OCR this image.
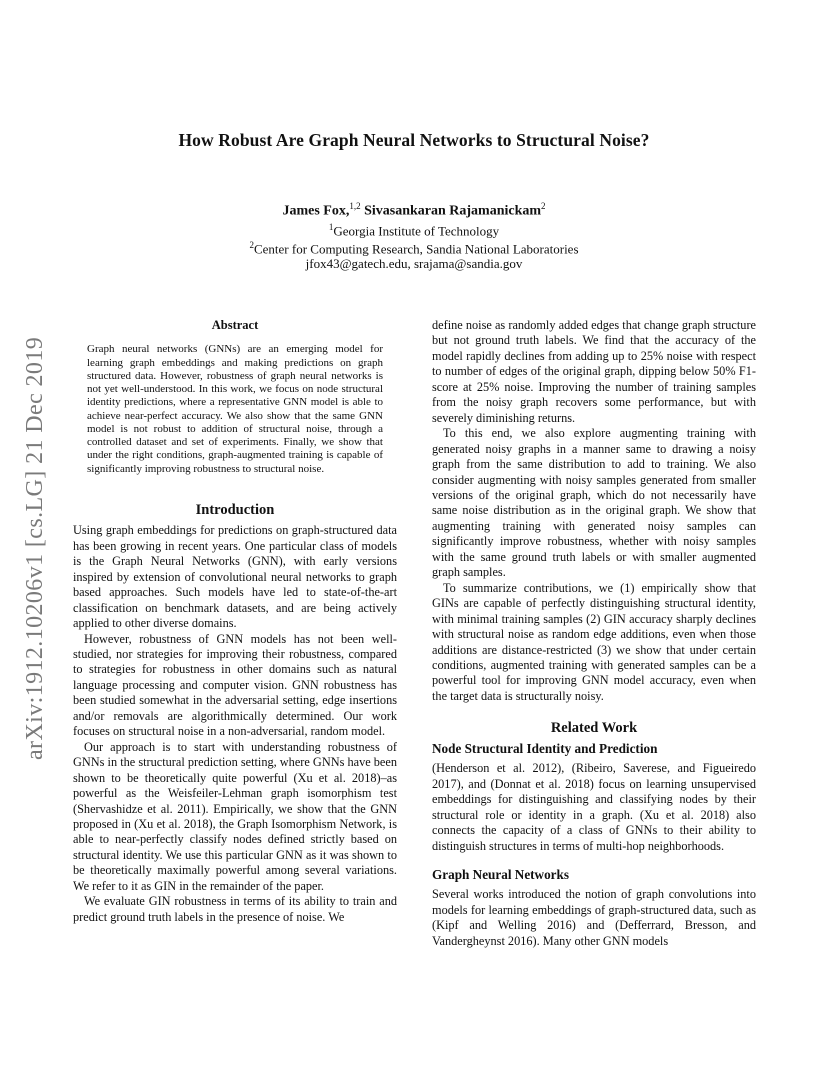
How Robust Are Graph Neural Networks to Structural Noise?
James Fox,$^{1,2}$ Sivasankaran Rajamanickam$^2$
$^1$Georgia Institute of Technology
$^2$Center for Computing Research, Sandia National Laboratories
jfox43@gatech.edu, srajama@sandia.gov
arXiv:1912.10206v1 [cs.LG] 21 Dec 2019
Abstract
Graph neural networks (GNNs) are an emerging model for learning graph embeddings and making predictions on graph structured data. However, robustness of graph neural networks is not yet well-understood. In this work, we focus on node structural identity predictions, where a representative GNN model is able to achieve near-perfect accuracy. We also show that the same GNN model is not robust to addition of structural noise, through a controlled dataset and set of experiments. Finally, we show that under the right conditions, graph-augmented training is capable of significantly improving robustness to structural noise.
Introduction

Using graph embeddings for predictions on graph-structured data has been growing in recent years. One particular class of models is the Graph Neural Networks (GNN), with early versions inspired by extension of convolutional neural networks to graph based approaches. Such models have led to state-of-the-art classification on benchmark datasets, and are being actively applied to other diverse domains.

However, robustness of GNN models has not been well-studied, nor strategies for improving their robustness, compared to strategies for robustness in other domains such as natural language processing and computer vision. GNN robustness has been studied somewhat in the adversarial setting, edge insertions and/or removals are algorithmically determined. Our work focuses on structural noise in a non-adversarial, random model.

Our approach is to start with understanding robustness of GNNs in the structural prediction setting, where GNNs have been shown to be theoretically quite powerful (Xu et al. 2018)–as powerful as the Weisfeiler-Lehman graph isomorphism test (Shervashidze et al. 2011). Empirically, we show that the GNN proposed in (Xu et al. 2018), the Graph Isomorphism Network, is able to near-perfectly classify nodes defined strictly based on structural identity. We use this particular GNN as it was shown to be theoretically maximally powerful among several variations. We refer to it as GIN in the remainder of the paper.

We evaluate GIN robustness in terms of its ability to train and predict ground truth labels in the presence of noise. We

define noise as randomly added edges that change graph structure but not ground truth labels. We find that the accuracy of the model rapidly declines from adding up to 25% noise with respect to number of edges of the original graph, dipping below 50% F1-score at 25% noise. Improving the number of training samples from the noisy graph recovers some performance, but with severely diminishing returns.

To this end, we also explore augmenting training with generated noisy graphs in a manner same to drawing a noisy graph from the same distribution to add to training. We also consider augmenting with noisy samples generated from smaller versions of the original graph, which do not necessarily have same noise distribution as in the original graph. We show that augmenting training with generated noisy samples can significantly improve robustness, whether with noisy samples with the same ground truth labels or with smaller augmented graph samples.

To summarize contributions, we (1) empirically show that GINs are capable of perfectly distinguishing structural identity, with minimal training samples (2) GIN accuracy sharply declines with structural noise as random edge additions, even when those additions are distance-restricted (3) we show that under certain conditions, augmented training with generated samples can be a powerful tool for improving GNN model accuracy, even when the target data is structurally noisy.

Related Work
Node Structural Identity and Prediction

(Henderson et al. 2012), (Ribeiro, Saverese, and Figueiredo 2017), and (Donnat et al. 2018) focus on learning unsupervised embeddings for distinguishing and classifying nodes by their structural role or identity in a graph. (Xu et al. 2018) also connects the capacity of a class of GNNs to their ability to distinguish structures in terms of multi-hop neighborhoods.

Graph Neural Networks

Several works introduced the notion of graph convolutions into models for learning embeddings of graph-structured data, such as (Kipf and Welling 2016) and (Defferrard, Bresson, and Vandergheynst 2016). Many other GNN models
